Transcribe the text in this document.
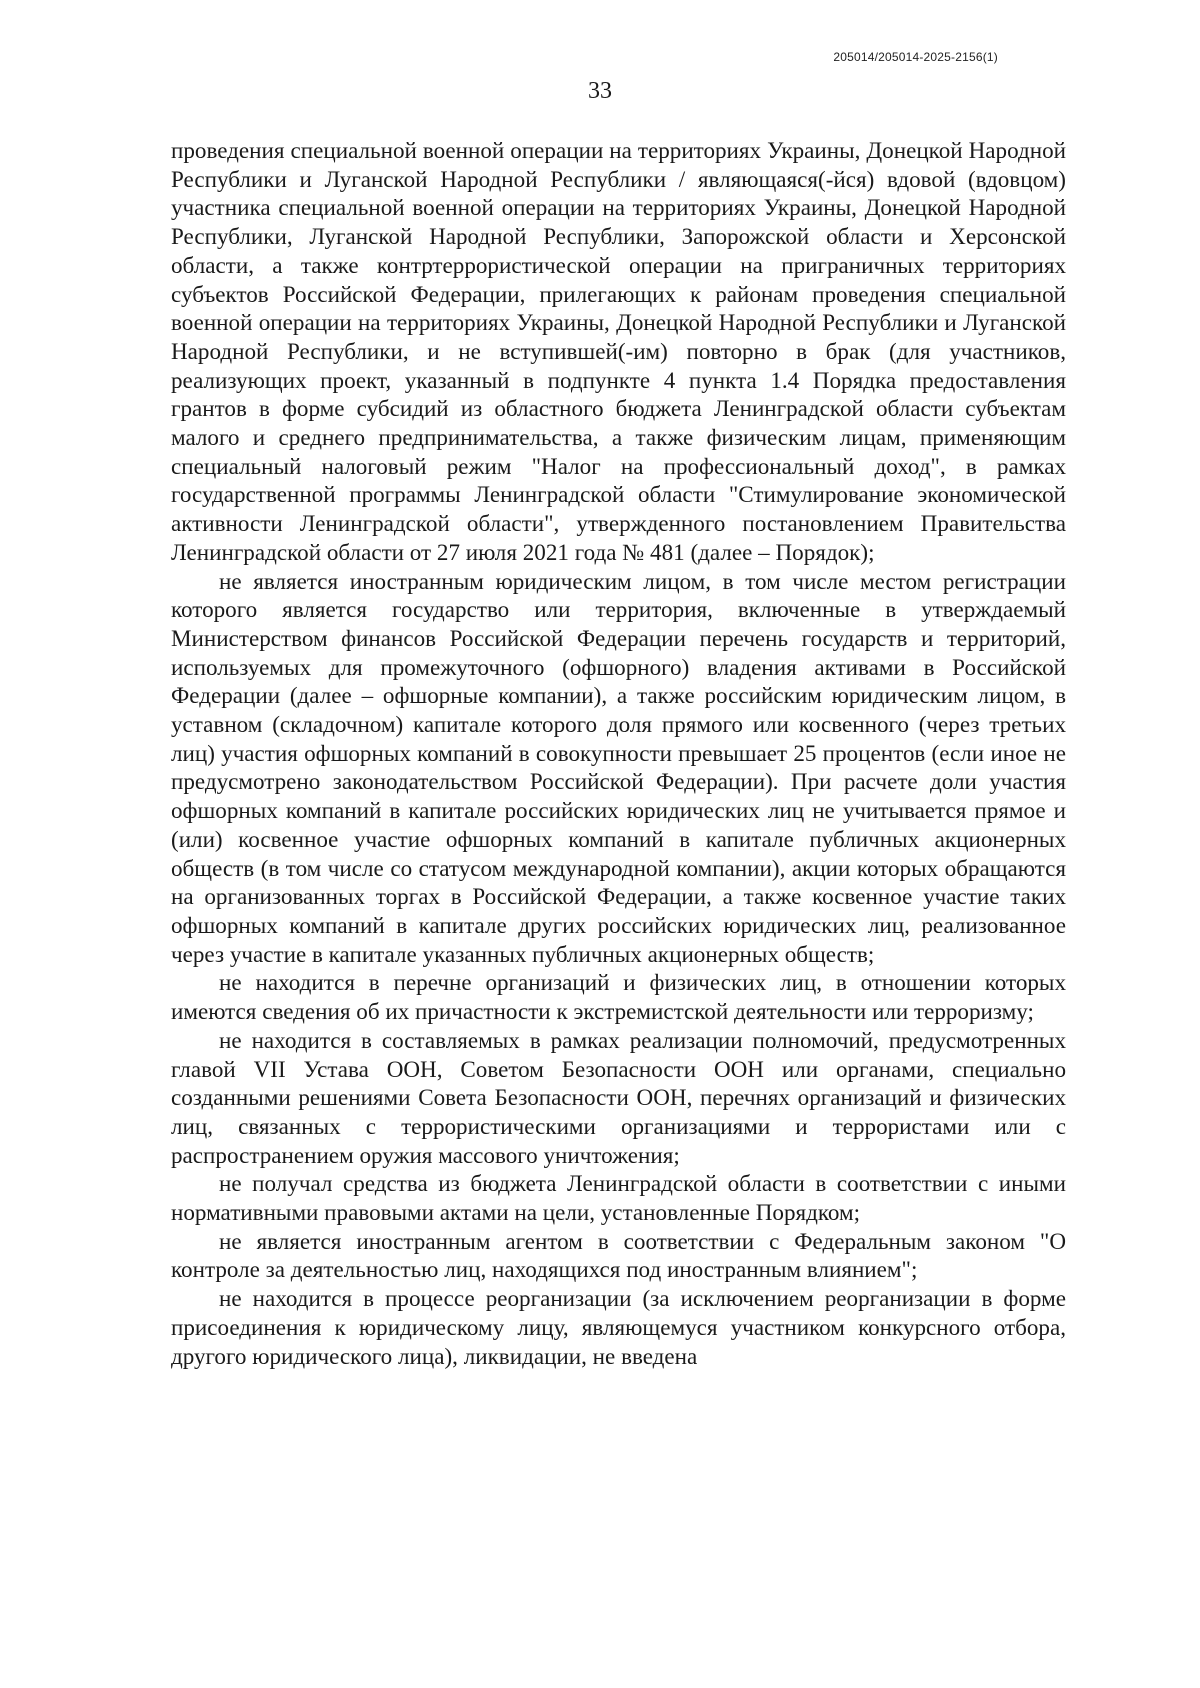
205014/205014-2025-2156(1)
33

проведения специальной военной операции на территориях Украины, Донецкой Народной Республики и Луганской Народной Республики / являющаяся(-йся) вдовой (вдовцом) участника специальной военной операции на территориях Украины, Донецкой Народной Республики, Луганской Народной Республики, Запорожской области и Херсонской области, а также контртеррористической операции на приграничных территориях субъектов Российской Федерации, прилегающих к районам проведения специальной военной операции на территориях Украины, Донецкой Народной Республики и Луганской Народной Республики, и не вступившей(-им) повторно в брак (для участников, реализующих проект, указанный в подпункте 4 пункта 1.4 Порядка предоставления грантов в форме субсидий из областного бюджета Ленинградской области субъектам малого и среднего предпринимательства, а также физическим лицам, применяющим специальный налоговый режим "Налог на профессиональный доход", в рамках государственной программы Ленинградской области "Стимулирование экономической активности Ленинградской области", утвержденного постановлением Правительства Ленинградской области от 27 июля 2021 года № 481 (далее – Порядок);

не является иностранным юридическим лицом, в том числе местом регистрации которого является государство или территория, включенные в утверждаемый Министерством финансов Российской Федерации перечень государств и территорий, используемых для промежуточного (офшорного) владения активами в Российской Федерации (далее – офшорные компании), а также российским юридическим лицом, в уставном (складочном) капитале которого доля прямого или косвенного (через третьих лиц) участия офшорных компаний в совокупности превышает 25 процентов (если иное не предусмотрено законодательством Российской Федерации). При расчете доли участия офшорных компаний в капитале российских юридических лиц не учитывается прямое и (или) косвенное участие офшорных компаний в капитале публичных акционерных обществ (в том числе со статусом международной компании), акции которых обращаются на организованных торгах в Российской Федерации, а также косвенное участие таких офшорных компаний в капитале других российских юридических лиц, реализованное через участие в капитале указанных публичных акционерных обществ;

не находится в перечне организаций и физических лиц, в отношении которых имеются сведения об их причастности к экстремистской деятельности или терроризму;

не находится в составляемых в рамках реализации полномочий, предусмотренных главой VII Устава ООН, Советом Безопасности ООН или органами, специально созданными решениями Совета Безопасности ООН, перечнях организаций и физических лиц, связанных с террористическими организациями и террористами или с распространением оружия массового уничтожения;

не получал средства из бюджета Ленинградской области в соответствии с иными нормативными правовыми актами на цели, установленные Порядком;

не является иностранным агентом в соответствии с Федеральным законом "О контроле за деятельностью лиц, находящихся под иностранным влиянием";

не находится в процессе реорганизации (за исключением реорганизации в форме присоединения к юридическому лицу, являющемуся участником конкурсного отбора, другого юридического лица), ликвидации, не введена
